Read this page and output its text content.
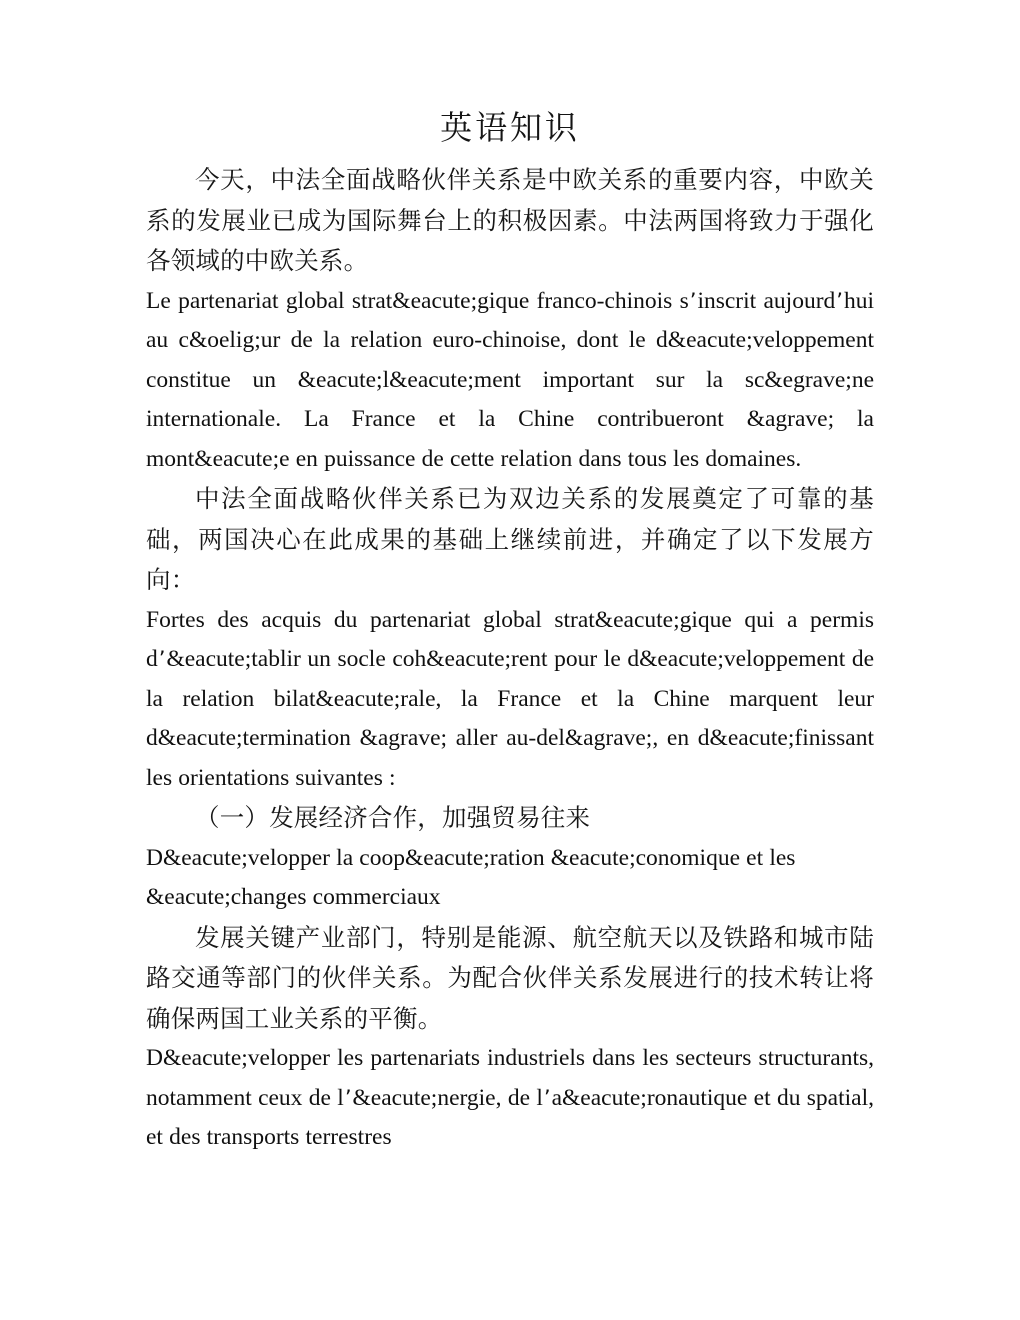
英语知识

今天，中法全面战略伙伴关系是中欧关系的重要内容，中欧关系的发展业已成为国际舞台上的积极因素。中法两国将致力于强化各领域的中欧关系。

Le partenariat global strat&eacute;gique franco-chinois s’inscrit aujourd’hui au c&oelig;ur de la relation euro-chinoise, dont le d&eacute;veloppement constitue un &eacute;l&eacute;ment important sur la sc&egrave;ne internationale. La France et la Chine contribueront &agrave; la mont&eacute;e en puissance de cette relation dans tous les domaines.

中法全面战略伙伴关系已为双边关系的发展奠定了可靠的基础，两国决心在此成果的基础上继续前进，并确定了以下发展方向：

Fortes des acquis du partenariat global strat&eacute;gique qui a permis d’&eacute;tablir un socle coh&eacute;rent pour le d&eacute;veloppement de la relation bilat&eacute;rale, la France et la Chine marquent leur d&eacute;termination &agrave; aller au-del&agrave;, en d&eacute;finissant les orientations suivantes :

（一）发展经济合作，加强贸易往来

D&eacute;velopper la coop&eacute;ration &eacute;conomique et les &eacute;changes commerciaux

发展关键产业部门，特别是能源、航空航天以及铁路和城市陆路交通等部门的伙伴关系。为配合伙伴关系发展进行的技术转让将确保两国工业关系的平衡。

D&eacute;velopper les partenariats industriels dans les secteurs structurants, notamment ceux de l’&eacute;nergie, de l’a&eacute;ronautique et du spatial, et des transports terrestres
